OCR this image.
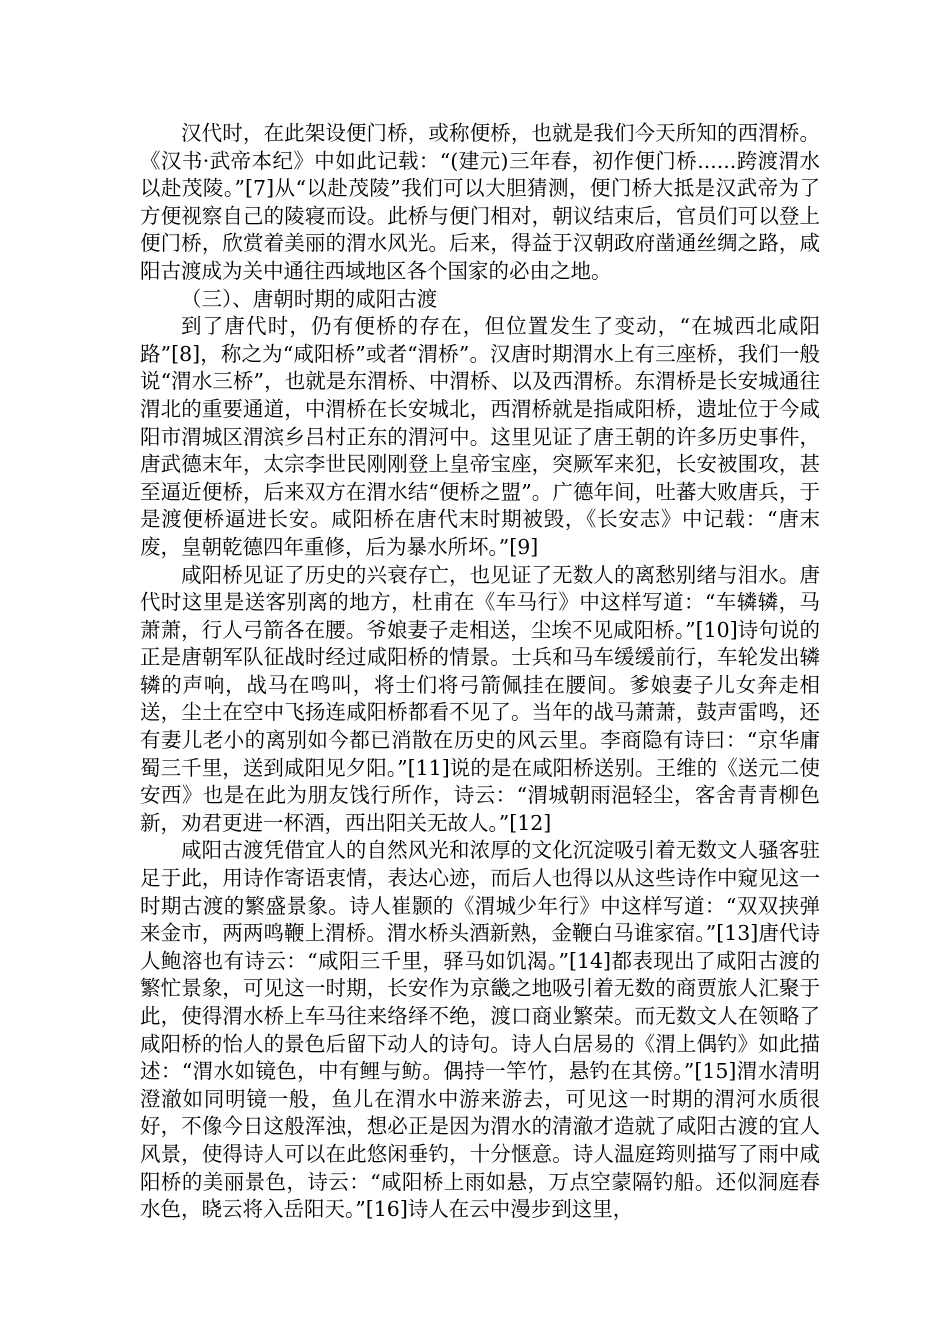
汉代时，在此架设便门桥，或称便桥，也就是我们今天所知的西渭桥。《汉书·武帝本纪》中如此记载：“(建元)三年春，初作便门桥......跨渡渭水以赴茂陵。”[7]从“以赴茂陵”我们可以大胆猜测，便门桥大抵是汉武帝为了方便视察自己的陵寝而设。此桥与便门相对，朝议结束后，官员们可以登上便门桥，欣赏着美丽的渭水风光。后来，得益于汉朝政府凿通丝绸之路，咸阳古渡成为关中通往西域地区各个国家的必由之地。

（三）、唐朝时期的咸阳古渡

到了唐代时，仍有便桥的存在，但位置发生了变动，“在城西北咸阳路”[8]，称之为“咸阳桥”或者“渭桥”。汉唐时期渭水上有三座桥，我们一般说“渭水三桥”，也就是东渭桥、中渭桥、以及西渭桥。东渭桥是长安城通往渭北的重要通道，中渭桥在长安城北，西渭桥就是指咸阳桥，遗址位于今咸阳市渭城区渭滨乡吕村正东的渭河中。这里见证了唐王朝的许多历史事件，唐武德末年，太宗李世民刚刚登上皇帝宝座，突厥军来犯，长安被围攻，甚至逼近便桥，后来双方在渭水结“便桥之盟”。广德年间，吐蕃大败唐兵，于是渡便桥逼进长安。咸阳桥在唐代末时期被毁，《长安志》中记载：“唐末废，皇朝乾德四年重修，后为暴水所坏。”[9]

咸阳桥见证了历史的兴衰存亡，也见证了无数人的离愁别绪与泪水。唐代时这里是送客别离的地方，杜甫在《车马行》中这样写道：“车辚辚，马萧萧，行人弓箭各在腰。爷娘妻子走相送，尘埃不见咸阳桥。”[10]诗句说的正是唐朝军队征战时经过咸阳桥的情景。士兵和马车缓缓前行，车轮发出辚辚的声响，战马在鸣叫，将士们将弓箭佩挂在腰间。爹娘妻子儿女奔走相送，尘土在空中飞扬连咸阳桥都看不见了。当年的战马萧萧，鼓声雷鸣，还有妻儿老小的离别如今都已消散在历史的风云里。李商隐有诗曰：“京华庸蜀三千里，送到咸阳见夕阳。”[11]说的是在咸阳桥送别。王维的《送元二使安西》也是在此为朋友饯行所作，诗云：“渭城朝雨浥轻尘，客舍青青柳色新，劝君更进一杯酒，西出阳关无故人。”[12]

咸阳古渡凭借宜人的自然风光和浓厚的文化沉淀吸引着无数文人骚客驻足于此，用诗作寄语衷情，表达心迹，而后人也得以从这些诗作中窥见这一时期古渡的繁盛景象。诗人崔颢的《渭城少年行》中这样写道：“双双挟弹来金市，两两鸣鞭上渭桥。渭水桥头酒新熟，金鞭白马谁家宿。”[13]唐代诗人鲍溶也有诗云：“咸阳三千里，驿马如饥渴。”[14]都表现出了咸阳古渡的繁忙景象，可见这一时期，长安作为京畿之地吸引着无数的商贾旅人汇聚于此，使得渭水桥上车马往来络绎不绝，渡口商业繁荣。而无数文人在领略了咸阳桥的怡人的景色后留下动人的诗句。诗人白居易的《渭上偶钓》如此描述：“渭水如镜色，中有鲤与鲂。偶持一竿竹，悬钓在其傍。”[15]渭水清明澄澈如同明镜一般，鱼儿在渭水中游来游去，可见这一时期的渭河水质很好，不像今日这般浑浊，想必正是因为渭水的清澈才造就了咸阳古渡的宜人风景，使得诗人可以在此悠闲垂钓，十分惬意。诗人温庭筠则描写了雨中咸阳桥的美丽景色，诗云：“咸阳桥上雨如悬，万点空蒙隔钓船。还似洞庭春水色，晓云将入岳阳天。”[16]诗人在云中漫步到这里，
